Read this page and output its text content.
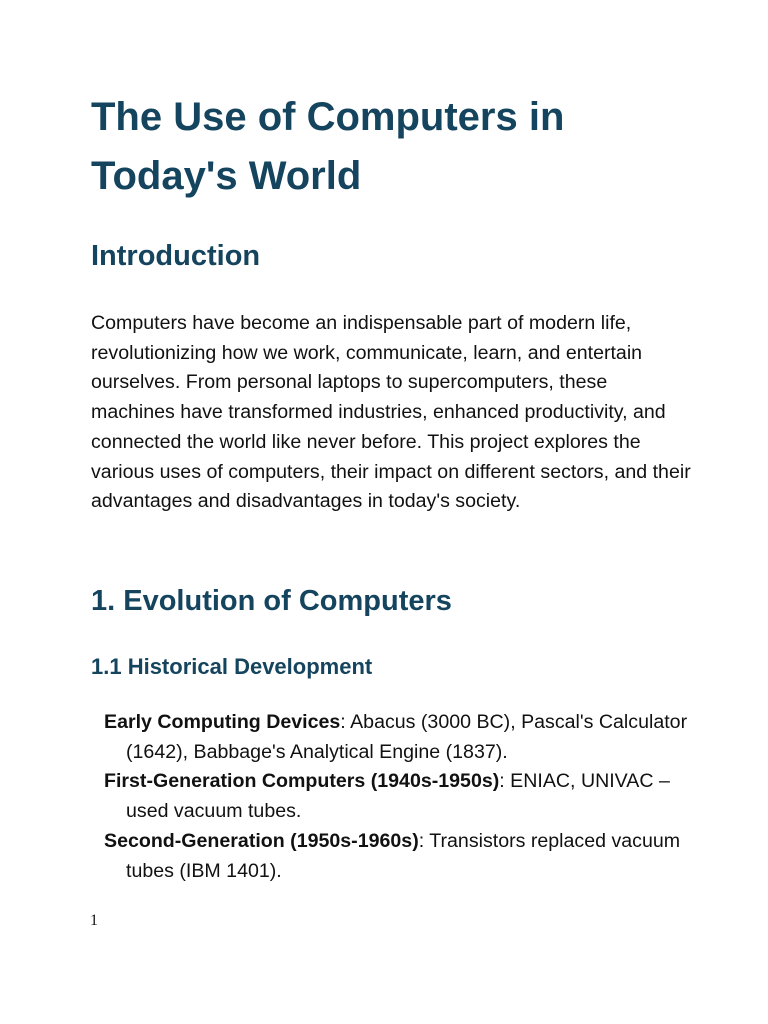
The Use of Computers in Today's World
Introduction

Computers have become an indispensable part of modern life, revolutionizing how we work, communicate, learn, and entertain ourselves. From personal laptops to supercomputers, these machines have transformed industries, enhanced productivity, and connected the world like never before. This project explores the various uses of computers, their impact on different sectors, and their advantages and disadvantages in today's society.

1. Evolution of Computers
1.1 Historical Development
Early Computing Devices: Abacus (3000 BC), Pascal's Calculator (1642), Babbage's Analytical Engine (1837).
First-Generation Computers (1940s-1950s): ENIAC, UNIVAC – used vacuum tubes.
Second-Generation (1950s-1960s): Transistors replaced vacuum tubes (IBM 1401).
1
